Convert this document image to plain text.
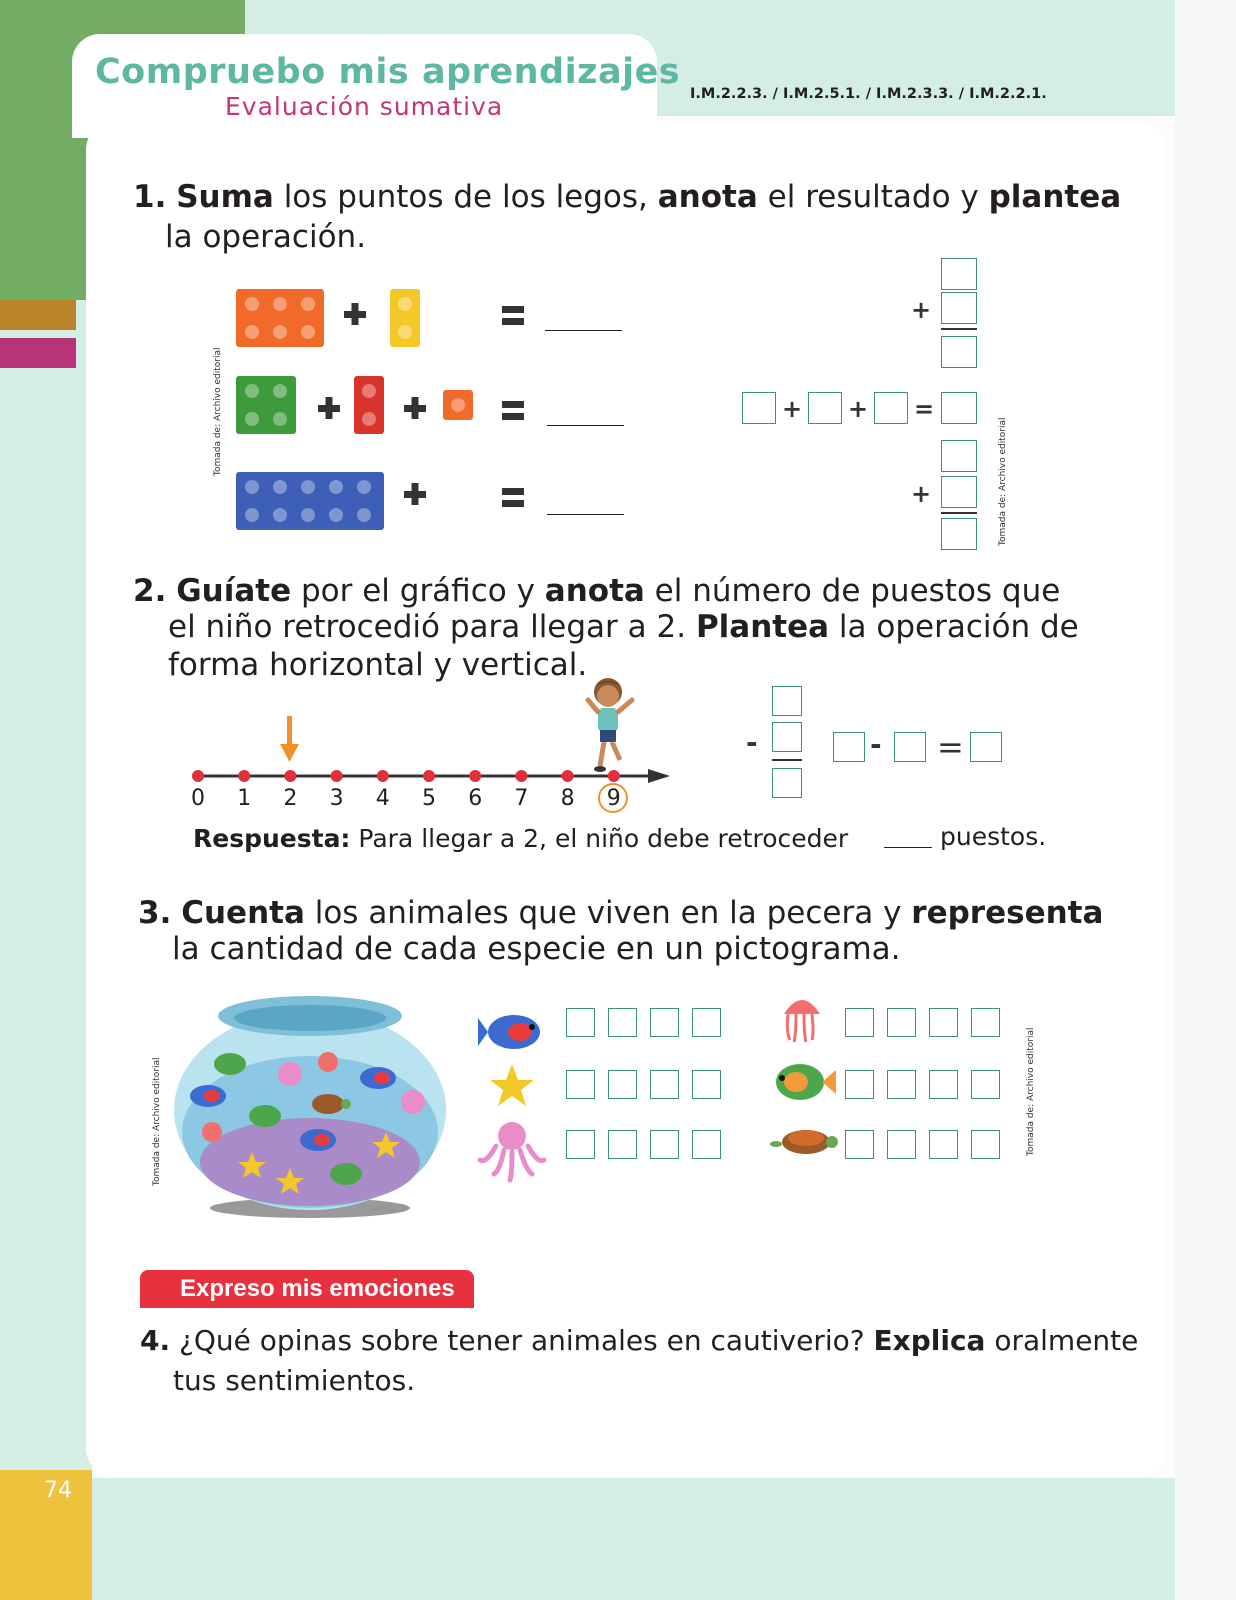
Compruebo mis aprendizajes
Evaluación sumativa	I.M.2.2.3. / I.M.2.5.1. / I.M.2.3.3. / I.M.2.2.1.
1. Suma los puntos de los legos, anota el resultado y plantea
la operación.
Tomada de: Archivo editorial
+
+ + =
+	Tomada de: Archivo editorial
2. Guíate por el gráfico y anota el número de puestos que
el niño retrocedió para llegar a 2. Plantea la operación de
forma horizontal y vertical.
0	1	2	3	4	5	6	7	8	9
-	- =
Respuesta: Para llegar a 2, el niño debe retroceder	puestos.
3. Cuenta los animales que viven en la pecera y representa
la cantidad de cada especie en un pictograma.
Tomada de: Archivo editorial	Tomada de: Archivo editorial
Expreso mis emociones
4. ¿Qué opinas sobre tener animales en cautiverio? Explica oralmente
tus sentimientos.
74
